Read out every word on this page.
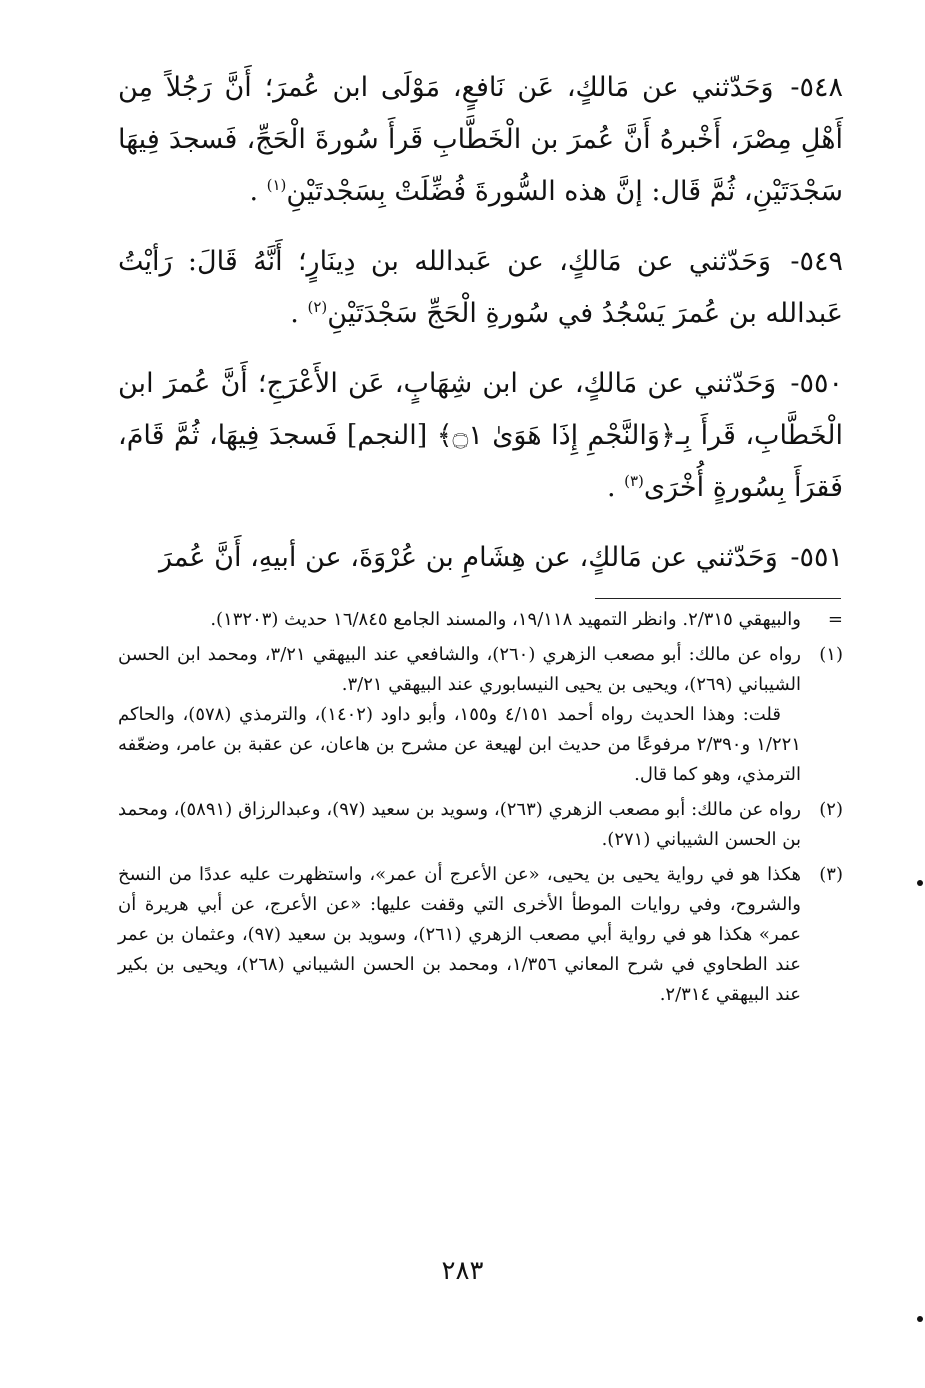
٥٤٨- وَحَدّثني عن مَالكٍ، عَن نَافعٍ، مَوْلَى ابن عُمرَ؛ أَنَّ رَجُلاً مِن أَهْلِ مِصْرَ، أَخْبرهُ أَنَّ عُمرَ بن الْخَطَّابِ قَرأَ سُورةَ الْحَجِّ، فَسجدَ فِيهَا سَجْدَتَيْنِ، ثُمَّ قَال: إنَّ هذه السُّورةَ فُضِّلَتْ بِسَجْدتَيْنِ$^{(١)}$ .

٥٤٩- وَحَدّثني عن مَالكٍ، عن عَبدالله بن دِينَارٍ؛ أَنَّهُ قَالَ: رَأيْتُ عَبدالله بن عُمرَ يَسْجُدُ في سُورةِ الْحَجِّ سَجْدَتَيْنِ$^{(٢)}$ .

٥٥٠- وَحَدّثني عن مَالكٍ، عن ابن شِهَابٍ، عَن الأَعْرَجِ؛ أَنَّ عُمرَ ابن الْخَطَّابِ، قَرأَ بِـ﴿وَالنَّجْمِ إِذَا هَوَىٰ ۝١﴾ [النجم] فَسجدَ فِيهَا، ثُمَّ قَامَ، فَقرَأَ بِسُورةٍ أُخْرَى$^{(٣)}$ .

٥٥١- وَحَدّثني عن مَالكٍ، عن هِشَامِ بن عُرْوَةَ، عن أبيهِ، أَنَّ عُمرَ

=

والبيهقي ٢/٣١٥. وانظر التمهيد ١٩/١١٨، والمسند الجامع ١٦/٨٤٥ حديث (١٣٢٠٣).

(١)

رواه عن مالك: أبو مصعب الزهري (٢٦٠)، والشافعي عند البيهقي ٣/٢١، ومحمد ابن الحسن الشيباني (٢٦٩)، ويحيى بن يحيى النيسابوري عند البيهقي ٣/٢١.

قلت: وهذا الحديث رواه أحمد ٤/١٥١ و١٥٥، وأبو داود (١٤٠٢)، والترمذي (٥٧٨)، والحاكم ١/٢٢١ و٢/٣٩٠ مرفوعًا من حديث ابن لهيعة عن مشرح بن هاعان، عن عقبة بن عامر، وضعّفه الترمذي، وهو كما قال.

(٢)

رواه عن مالك: أبو مصعب الزهري (٢٦٣)، وسويد بن سعيد (٩٧)، وعبدالرزاق (٥٨٩١)، ومحمد بن الحسن الشيباني (٢٧١).

(٣)

هكذا هو في رواية يحيى بن يحيى، «عن الأعرج أن عمر»، واستظهرت عليه عددًا من النسخ والشروح، وفي روايات الموطأ الأخرى التي وقفت عليها: «عن الأعرج، عن أبي هريرة أن عمر» هكذا هو في رواية أبي مصعب الزهري (٢٦١)، وسويد بن سعيد (٩٧)، وعثمان بن عمر عند الطحاوي في شرح المعاني ١/٣٥٦، ومحمد بن الحسن الشيباني (٢٦٨)، ويحيى بن بكير عند البيهقي ٢/٣١٤.

٢٨٣
